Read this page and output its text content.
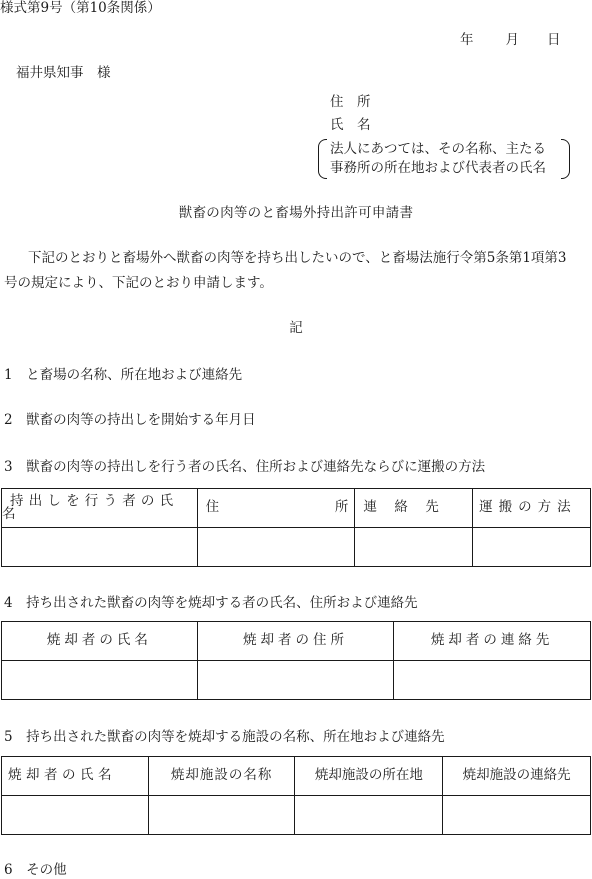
様式第9号（第10条関係）
年 月 日
福井県知事　様
住　所
氏　名
法人にあつては、その名称、主たる
事務所の所在地および代表者の氏名
獣畜の肉等のと畜場外持出許可申請書
下記のとおりと畜場外へ獣畜の肉等を持ち出したいので、と畜場法施行令第5条第1項第3
号の規定により、下記のとおり申請します。
記
1　と畜場の名称、所在地および連絡先
2　獣畜の肉等の持出しを開始する年月日
3　獣畜の肉等の持出しを行う者の氏名、住所および連絡先ならびに運搬の方法
持出しを行う者の氏名	住 所	連　絡　先	運搬の方法

4　持ち出された獣畜の肉等を焼却する者の氏名、住所および連絡先
焼却者の氏名	焼却者の住所	焼却者の連絡先

5　持ち出された獣畜の肉等を焼却する施設の名称、所在地および連絡先
焼却者の氏名	焼却施設の名称	焼却施設の所在地	焼却施設の連絡先

6　その他
